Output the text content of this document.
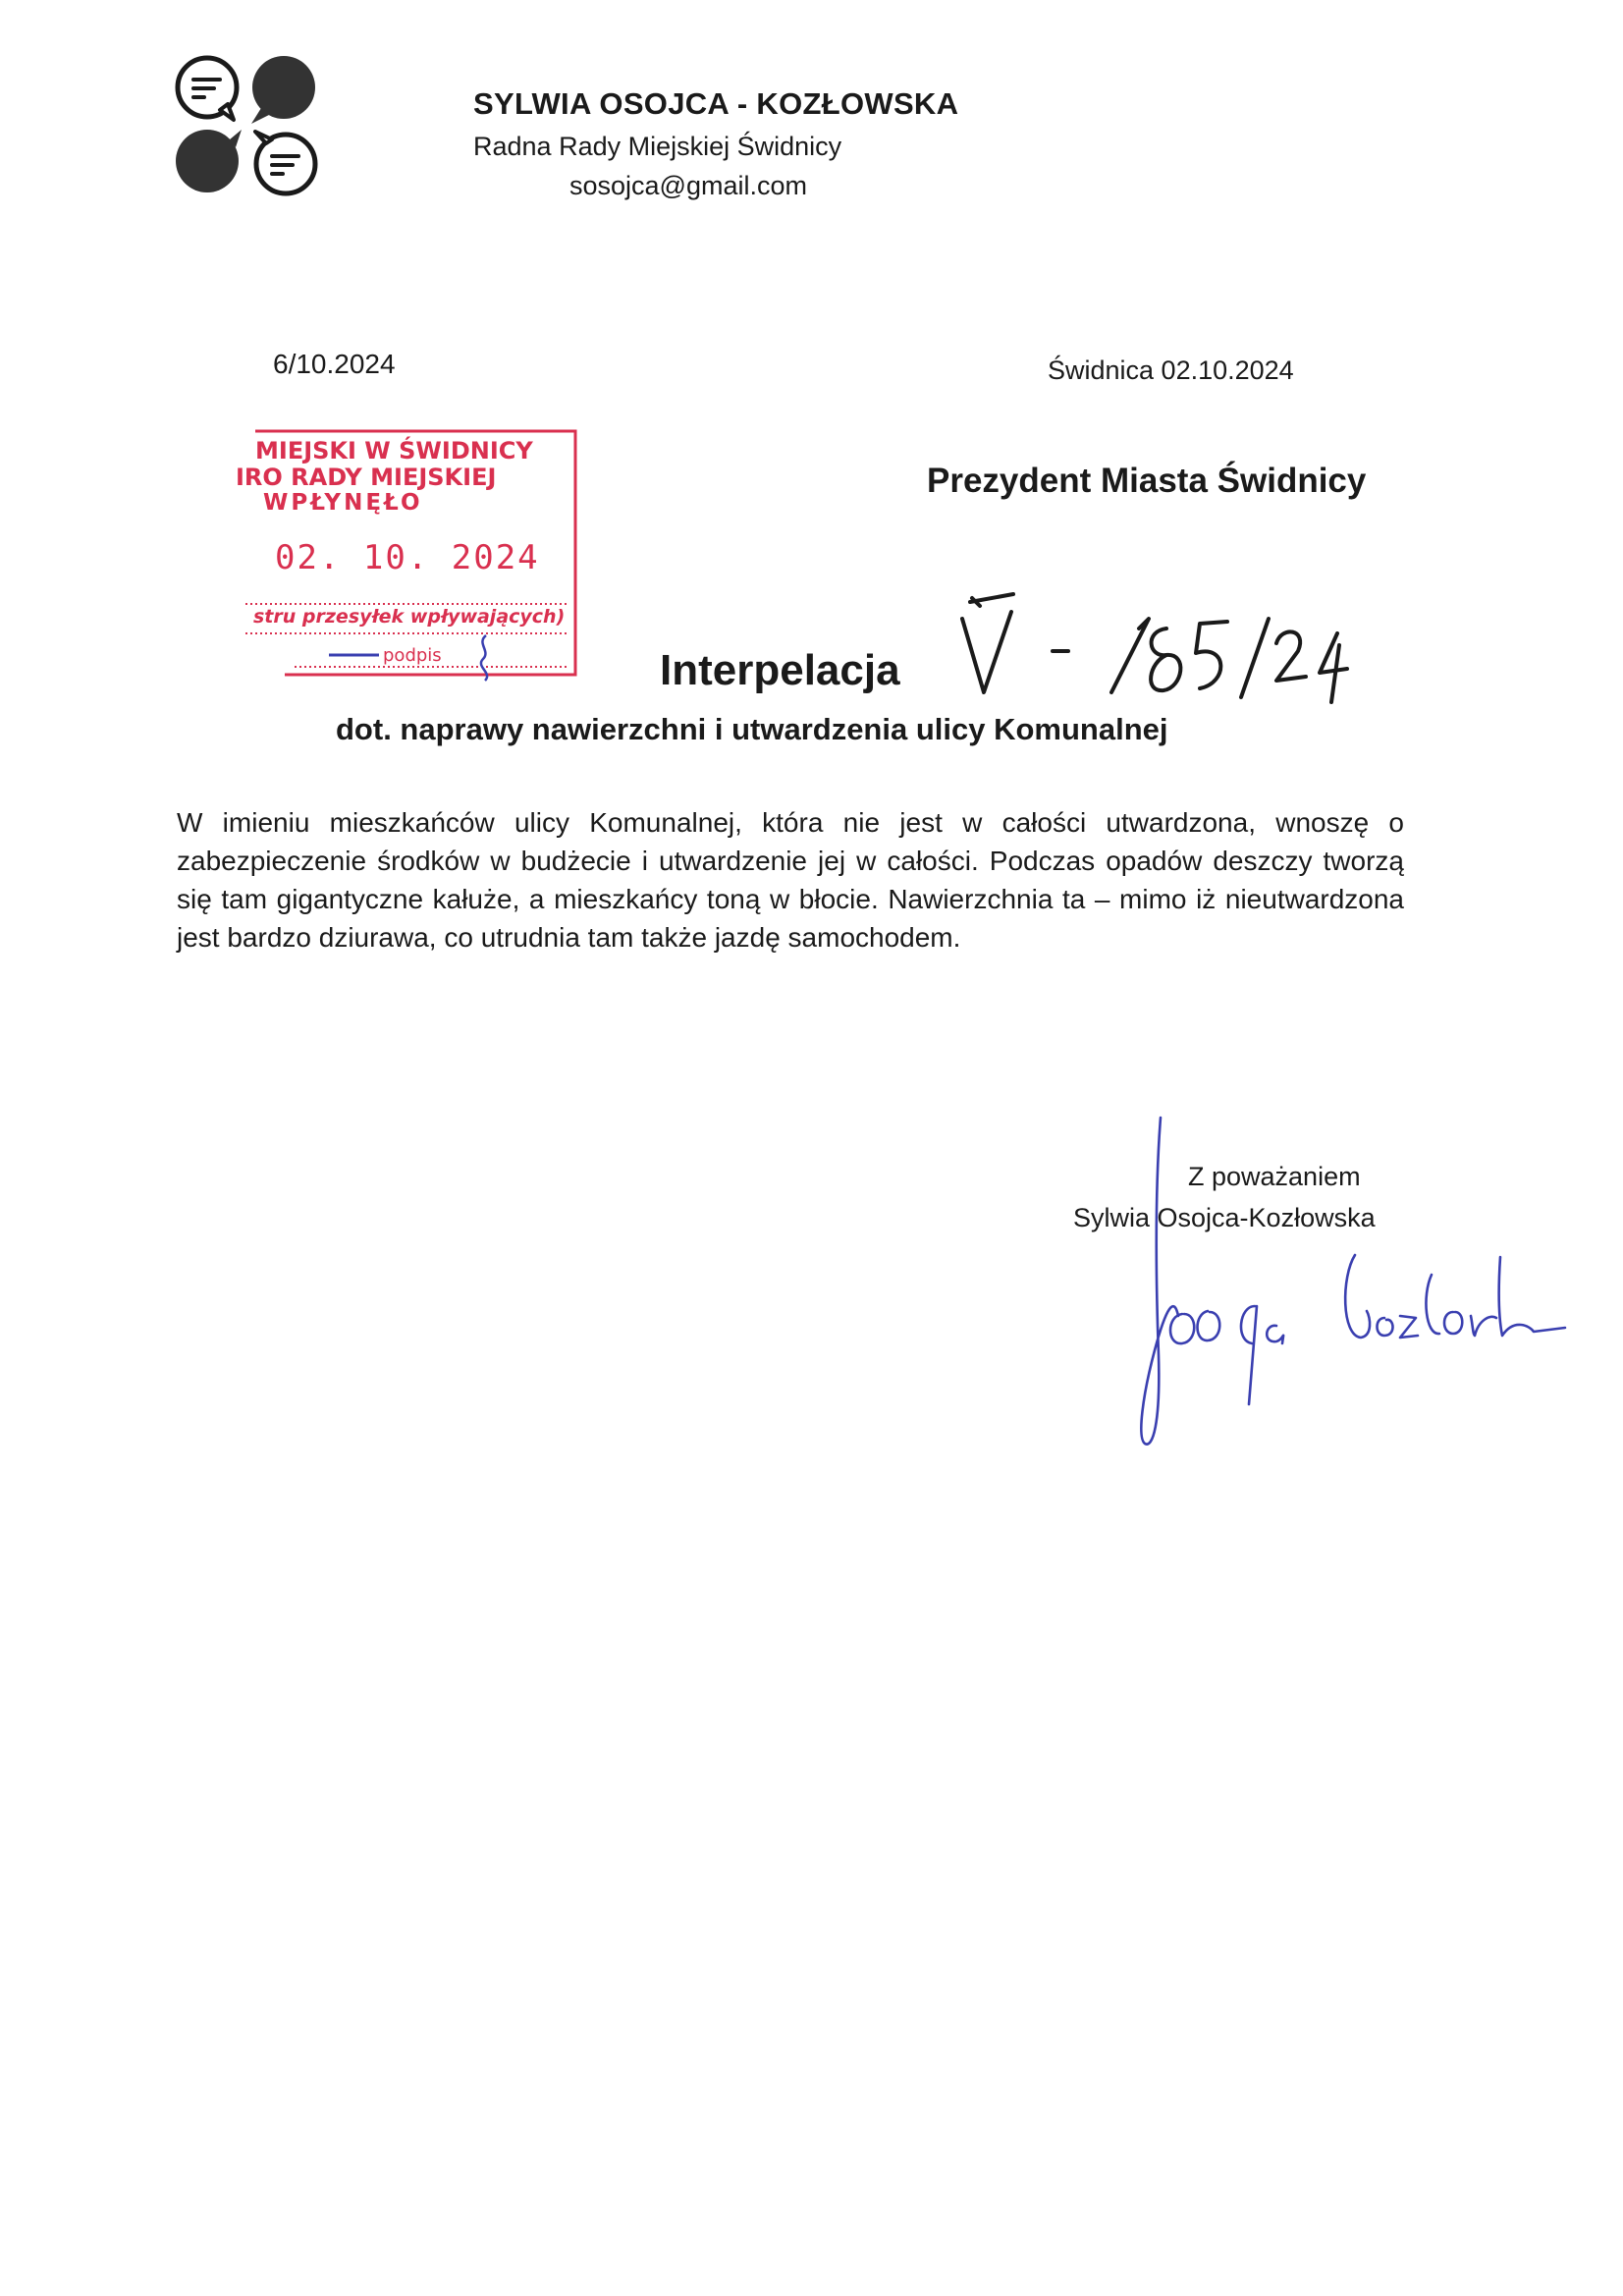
SYLWIA OSOJCA - KOZŁOWSKA
Radna Rady Miejskiej Świdnicy
sosojca@gmail.com
6/10.2024	Świdnica 02.10.2024
MIEJSKI W ŚWIDNICY
IRO RADY MIEJSKIEJ
WPŁYNĘŁO
02. 10. 2024
stru przesyłek wpływających)
podpis
Prezydent Miasta Świdnicy
Interpelacja
dot. naprawy nawierzchni i utwardzenia ulicy Komunalnej
W imieniu mieszkańców ulicy Komunalnej, która nie jest w całości utwardzona, wnoszę o zabezpieczenie środków w budżecie i utwardzenie jej w całości. Podczas opadów deszczy tworzą się tam gigantyczne kałuże, a mieszkańcy toną w błocie. Nawierzchnia ta – mimo iż nieutwardzona jest bardzo dziurawa, co utrudnia tam także jazdę samochodem.
Z poważaniem
Sylwia Osojca-Kozłowska
